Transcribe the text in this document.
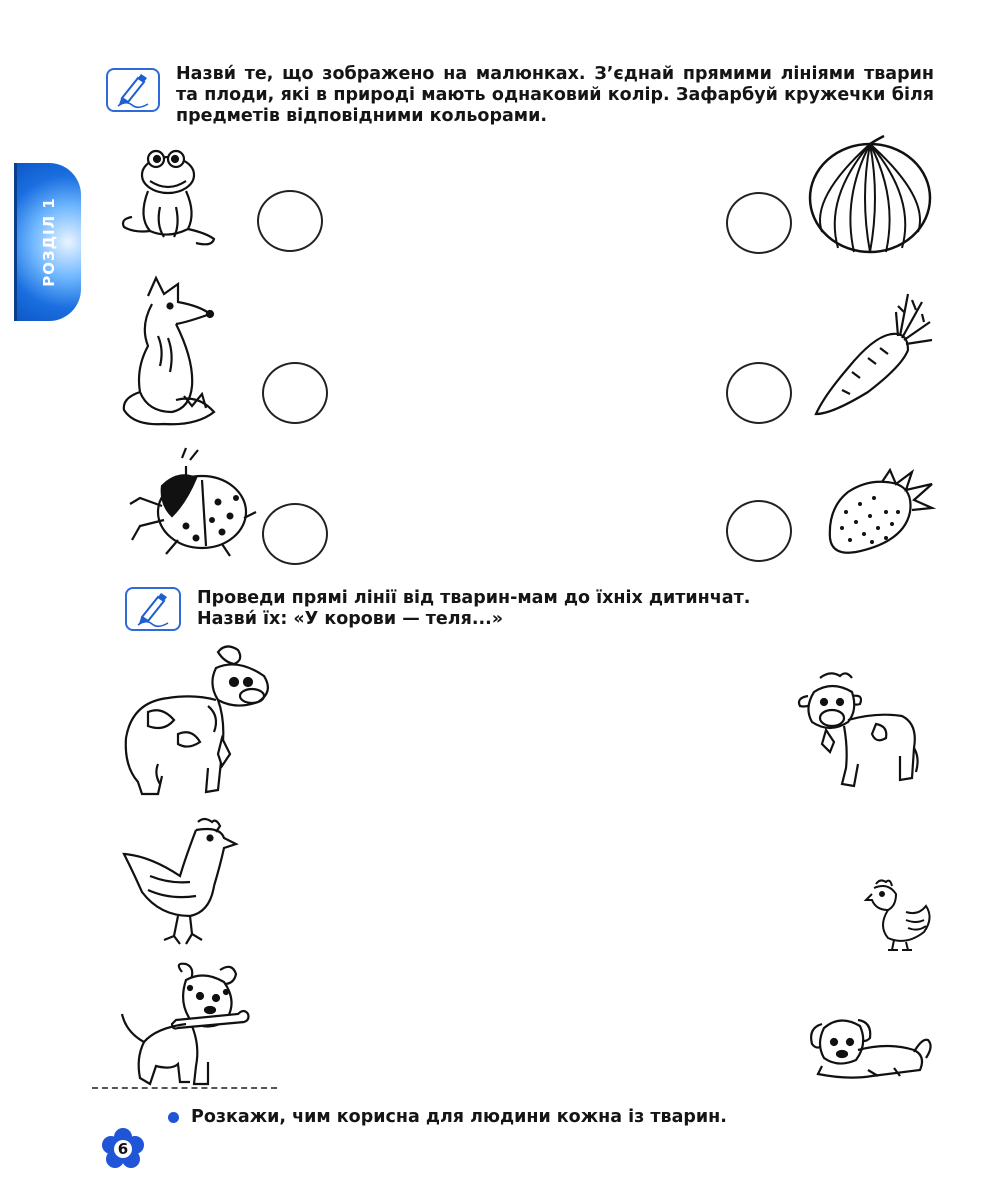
РОЗДІЛ 1
Назви́ те, що зображено на малюнках. З’єднай прямими лініями тварин та плоди, які в природі мають однаковий колір. Зафарбуй кружечки біля предметів відповідними кольорами.
Проведи прямі лінії від тварин-мам до їхніх дитинчат.
Назви́ їх: «У корови — теля...»
Розкажи, чим корисна для людини кожна із тварин.
6
